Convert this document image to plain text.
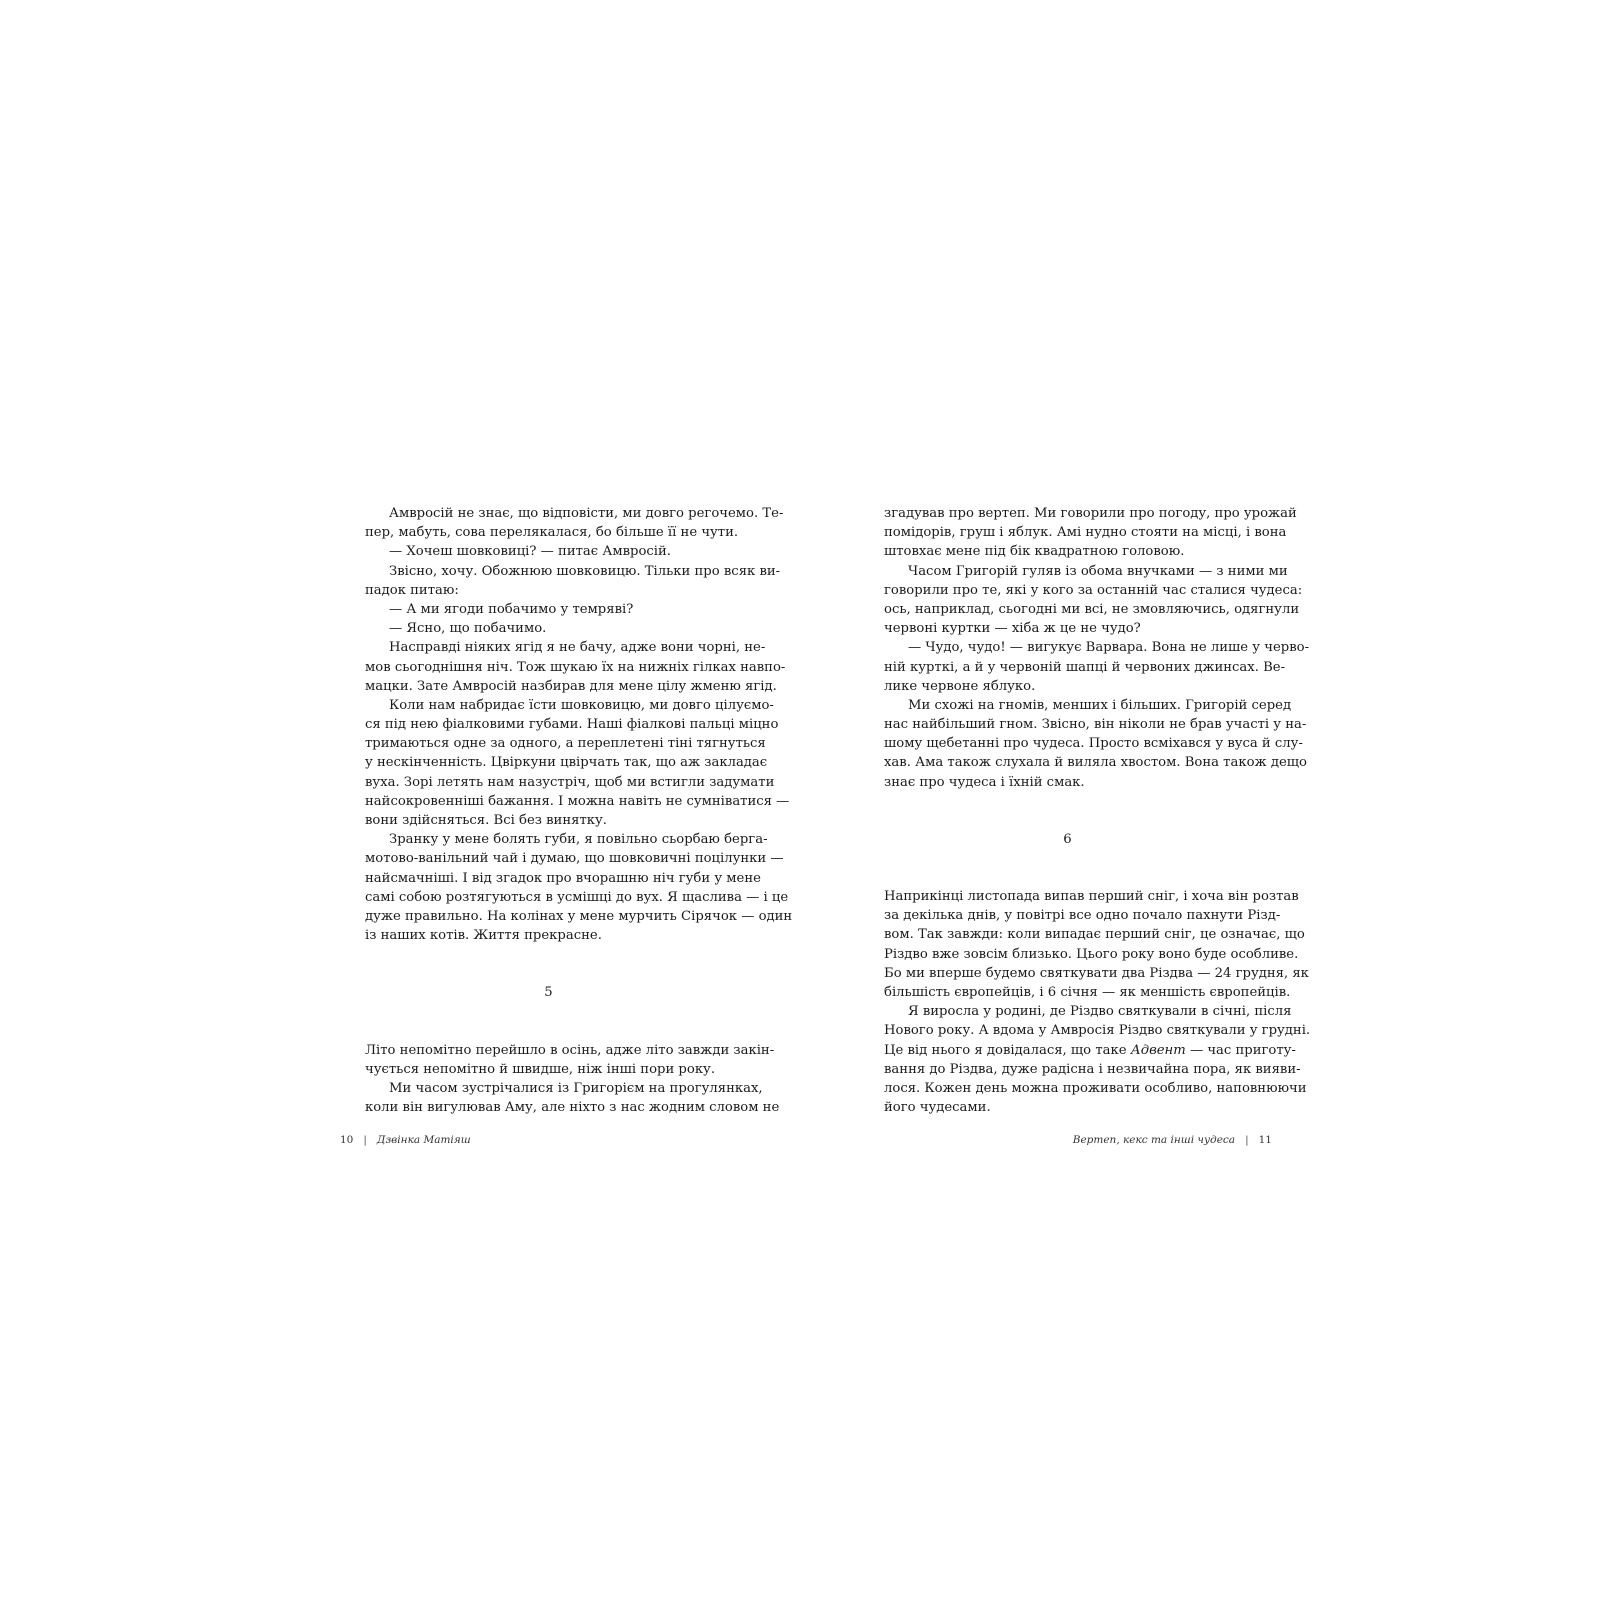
Амвросій не знає, що відповісти, ми довго регочемо. Те-
пер, мабуть, сова перелякалася, бо більше її не чути.
— Хочеш шовковиці? — питає Амвросій.
Звісно, хочу. Обожнюю шовковицю. Тільки про всяк ви-
падок питаю:
— А ми ягоди побачимо у темряві?
— Ясно, що побачимо.
Насправді ніяких ягід я не бачу, адже вони чорні, не-
мов сьогоднішня ніч. Тож шукаю їх на нижніх гілках навпо-
мацки. Зате Амвросій назбирав для мене цілу жменю ягід.
Коли нам набридає їсти шовковицю, ми довго цілуємо-
ся під нею фіалковими губами. Наші фіалкові пальці міцно
тримаються одне за одного, а переплетені тіні тягнуться
у нескінченність. Цвіркуни цвірчать так, що аж закладає
вуха. Зорі летять нам назустріч, щоб ми встигли задумати
найсокровенніші бажання. І можна навіть не сумніватися —
вони здійсняться. Всі без винятку.
Зранку у мене болять губи, я повільно сьорбаю берга-
мотово-ванільний чай і думаю, що шовковичні поцілунки —
найсмачніші. І від згадок про вчорашню ніч губи у мене
самі собою розтягуються в усмішці до вух. Я щаслива — і це
дуже правильно. На колінах у мене мурчить Сірячок — один
із наших котів. Життя прекрасне.
5
Літо непомітно перейшло в осінь, адже літо завжди закін-
чується непомітно й швидше, ніж інші пори року.
Ми часом зустрічалися із Григорієм на прогулянках,
коли він вигулював Аму, але ніхто з нас жодним словом не
згадував про вертеп. Ми говорили про погоду, про урожай
помідорів, груш і яблук. Амі нудно стояти на місці, і вона
штовхає мене під бік квадратною головою.
Часом Григорій гуляв із обома внучками — з ними ми
говорили про те, які у кого за останній час сталися чудеса:
ось, наприклад, сьогодні ми всі, не змовляючись, одягнули
червоні куртки — хіба ж це не чудо?
— Чудо, чудо! — вигукує Варвара. Вона не лише у черво-
ній курткі, а й у червоній шапці й червоних джинсах. Ве-
лике червоне яблуко.
Ми схожі на гномів, менших і більших. Григорій серед
нас найбільший гном. Звісно, він ніколи не брав участі у на-
шому щебетанні про чудеса. Просто всміхався у вуса й слу-
хав. Ама також слухала й виляла хвостом. Вона також дещо
знає про чудеса і їхній смак.
6
Наприкінці листопада випав перший сніг, і хоча він розтав
за декілька днів, у повітрі все одно почало пахнути Різд-
вом. Так завжди: коли випадає перший сніг, це означає, що
Різдво вже зовсім близько. Цього року воно буде особливе.
Бо ми вперше будемо святкувати два Різдва — 24 грудня, як
більшість європейців, і 6 січня — як меншість європейців.
Я виросла у родині, де Різдво святкували в січні, після
Нового року. А вдома у Амвросія Різдво святкували у грудні.
Це від нього я довідалася, що таке Адвент — час приготу-
вання до Різдва, дуже радісна і незвичайна пора, як вияви-
лося. Кожен день можна проживати особливо, наповнюючи
його чудесами.
10 | Дзвінка Матіяш	Вертеп, кекс та інші чудеса | 11
